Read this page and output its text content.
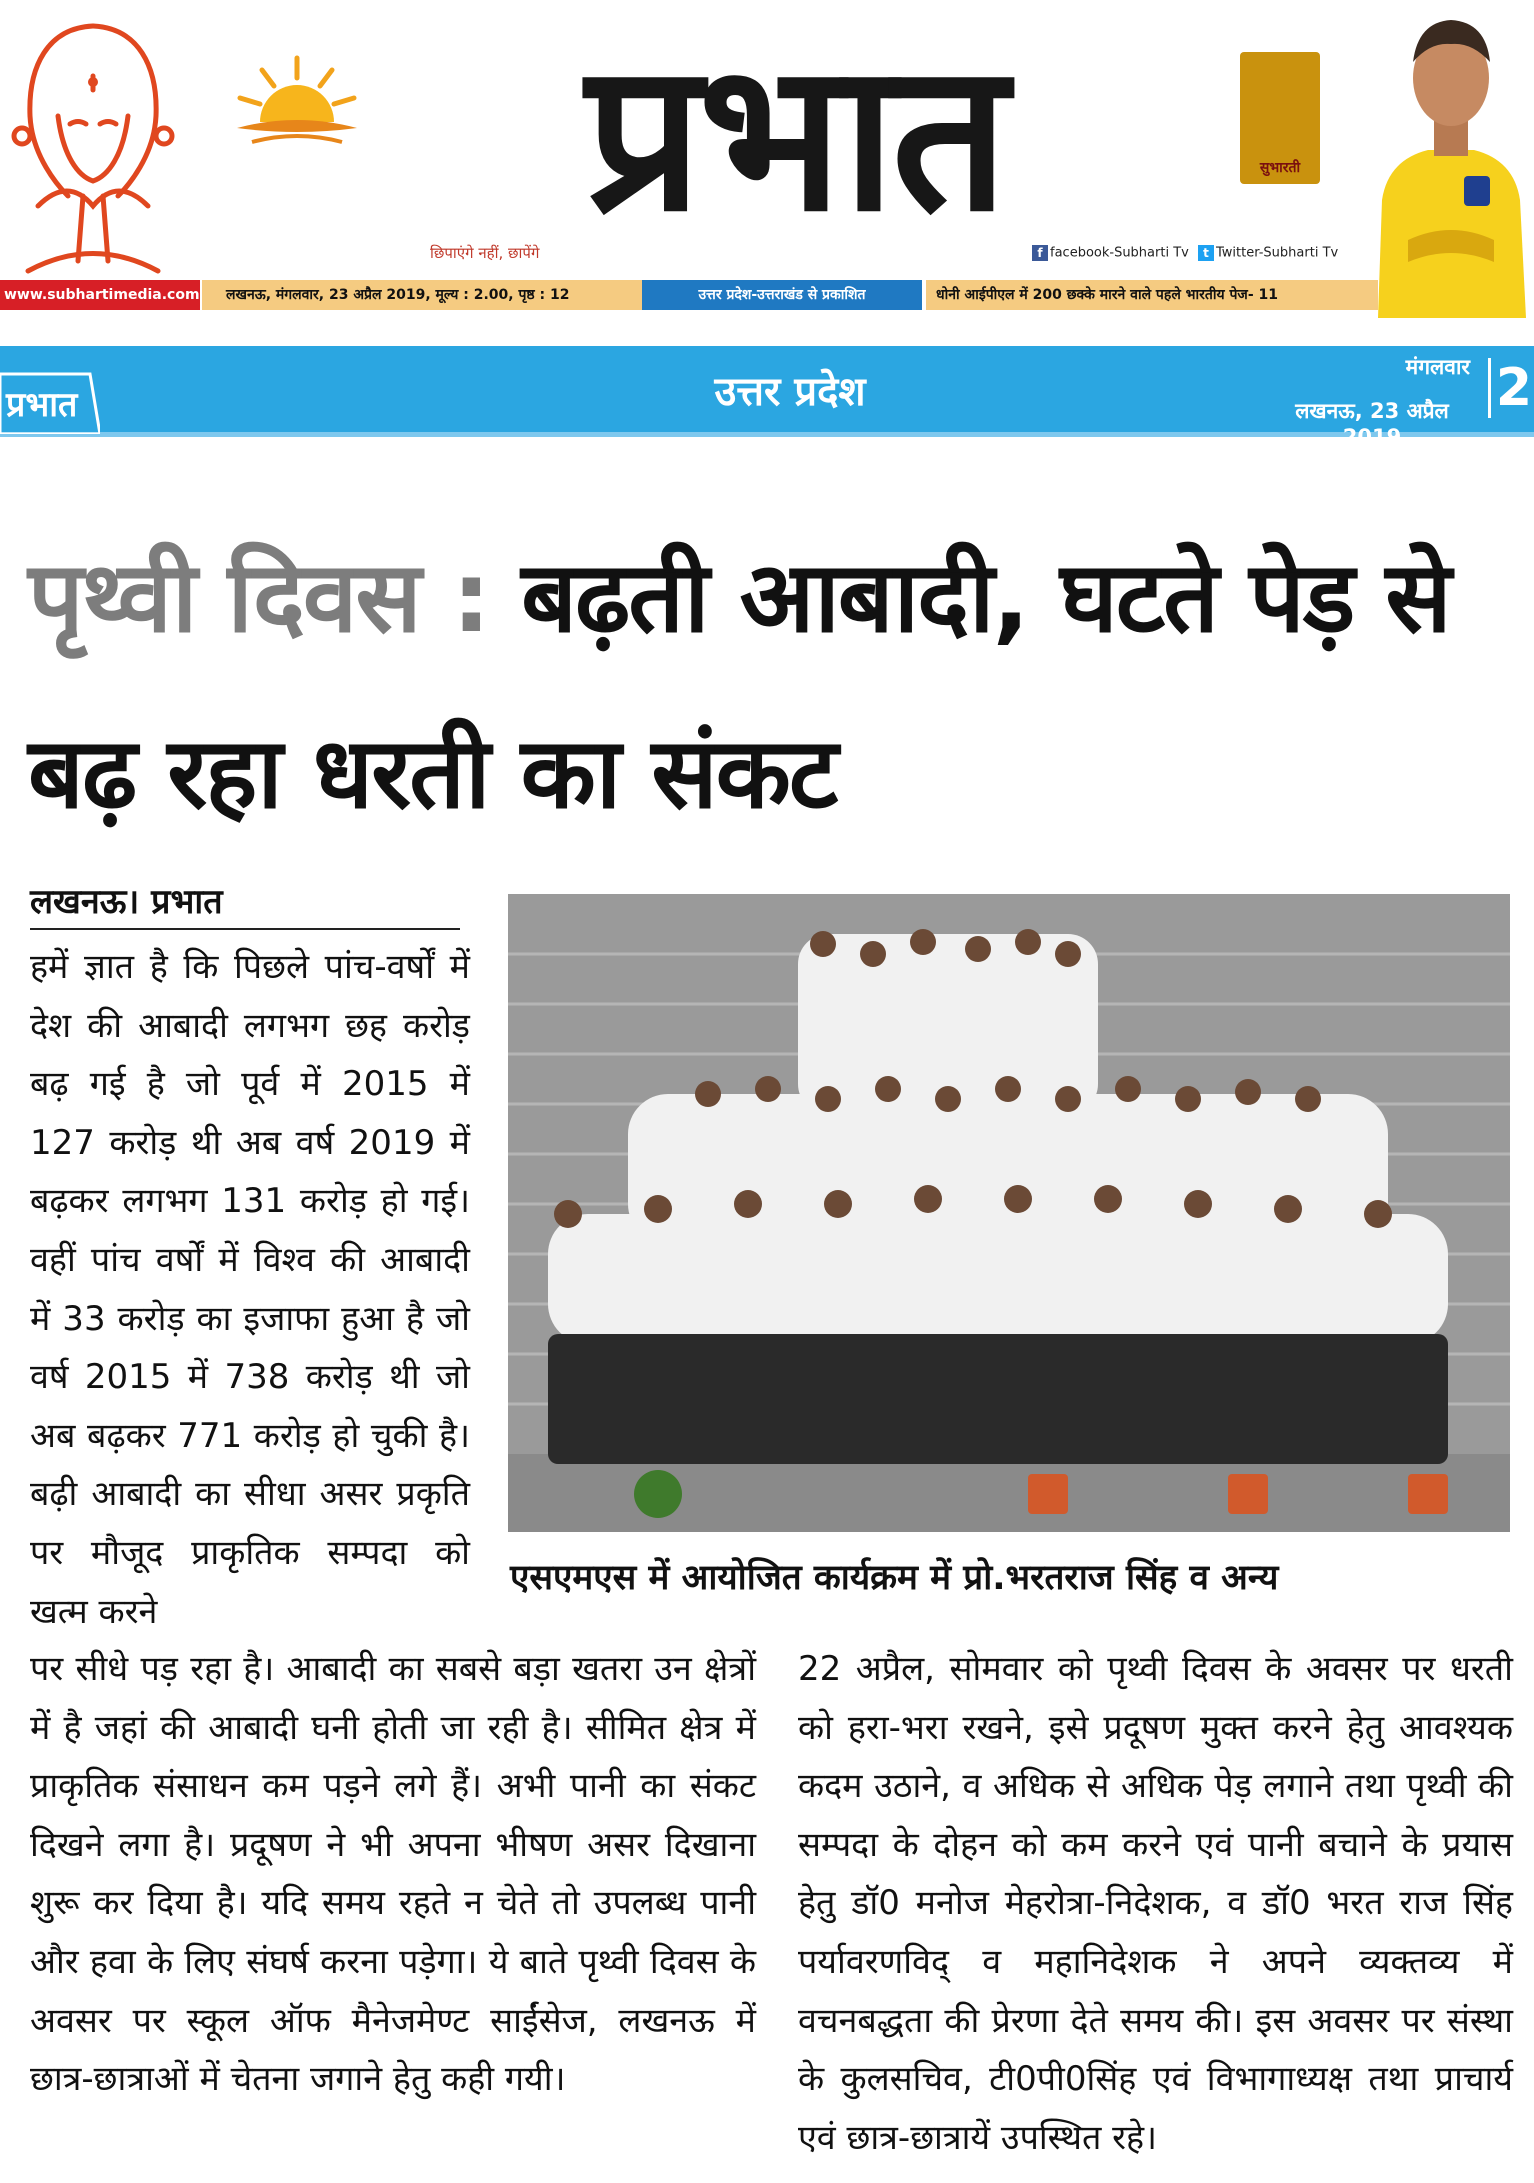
प्रभात
छिपाएंगे नहीं, छापेंगे
सुभारती
f facebook-Subharti Tv	t Twitter-Subharti Tv
www.subhartimedia.com	लखनऊ, मंगलवार, 23 अप्रैल 2019, मूल्य : 2.00, पृष्ठ : 12	उत्तर प्रदेश-उत्तराखंड से प्रकाशित	धोनी आईपीएल में 200 छक्के मारने वाले पहले भारतीय पेज- 11
प्रभात	उत्तर प्रदेश
मंगलवार
लखनऊ, 23 अप्रैल 2019
2
पृथ्वी दिवस : बढ़ती आबादी, घटते पेड़ से बढ़ रहा धरती का संकट
लखनऊ। प्रभात
हमें ज्ञात है कि पिछले पांच-वर्षों में देश की आबादी लगभग छह करोड़ बढ़ गई है जो पूर्व में 2015 में 127 करोड़ थी अब वर्ष 2019 में बढ़कर लगभग 131 करोड़ हो गई। वहीं पांच वर्षों में विश्व की आबादी में 33 करोड़ का इजाफा हुआ है जो वर्ष 2015 में 738 करोड़ थी जो अब बढ़कर 771 करोड़ हो चुकी है। बढ़ी आबादी का सीधा असर प्रकृति पर मौजूद प्राकृतिक सम्पदा को खत्म करने
एसएमएस में आयोजित कार्यक्रम में प्रो.भरतराज सिंह व अन्य
पर सीधे पड़ रहा है। आबादी का सबसे बड़ा खतरा उन क्षेत्रों में है जहां की आबादी घनी होती जा रही है। सीमित क्षेत्र में प्राकृतिक संसाधन कम पड़ने लगे हैं। अभी पानी का संकट दिखने लगा है। प्रदूषण ने भी अपना भीषण असर दिखाना शुरू कर दिया है। यदि समय रहते न चेते तो उपलब्ध पानी और हवा के लिए संघर्ष करना पड़ेगा। ये बाते पृथ्वी दिवस के अवसर पर स्कूल ऑफ मैनेजमेण्ट साईंसेज, लखनऊ में छात्र-छात्राओं में चेतना जगाने हेतु कही गयी।
22 अप्रैल, सोमवार को पृथ्वी दिवस के अवसर पर धरती को हरा-भरा रखने, इसे प्रदूषण मुक्त करने हेतु आवश्यक कदम उठाने, व अधिक से अधिक पेड़ लगाने तथा पृथ्वी की सम्पदा के दोहन को कम करने एवं पानी बचाने के प्रयास हेतु डॉ0 मनोज मेहरोत्रा-निदेशक, व डॉ0 भरत राज सिंह पर्यावरणविद् व महानिदेशक ने अपने व्यक्तव्य में वचनबद्धता की प्रेरणा देते समय की। इस अवसर पर संस्था के कुलसचिव, टी0पी0सिंह एवं विभागाध्यक्ष तथा प्राचार्य एवं छात्र-छात्रायें उपस्थित रहे।
